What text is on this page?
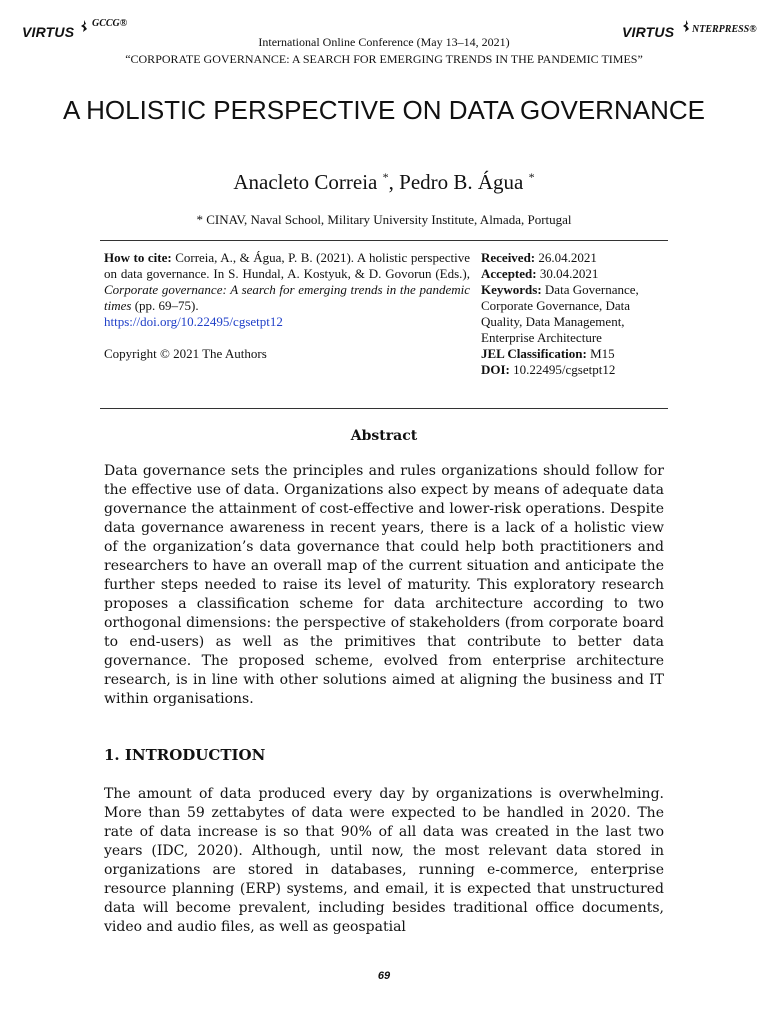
VIRTUS
GCCG®
VIRTUS NTERPRESS®
International Online Conference (May 13–14, 2021)
“CORPORATE GOVERNANCE: A SEARCH FOR EMERGING TRENDS IN THE PANDEMIC TIMES”
A HOLISTIC PERSPECTIVE ON DATA GOVERNANCE
Anacleto Correia *, Pedro B. Água *
* CINAV, Naval School, Military University Institute, Almada, Portugal
How to cite: Correia, A., & Água, P. B. (2021). A holistic perspective on data governance. In S. Hundal, A. Kostyuk, & D. Govorun (Eds.), Corporate governance: A search for emerging trends in the pandemic times (pp. 69–75).
https://doi.org/10.22495/cgsetpt12
Copyright © 2021 The Authors
Received: 26.04.2021
Accepted: 30.04.2021
Keywords: Data Governance, Corporate Governance, Data Quality, Data Management, Enterprise Architecture
JEL Classification: M15
DOI: 10.22495/cgsetpt12
Abstract
Data governance sets the principles and rules organizations should follow for the effective use of data. Organizations also expect by means of adequate data governance the attainment of cost-effective and lower-risk operations. Despite data governance awareness in recent years, there is a lack of a holistic view of the organization’s data governance that could help both practitioners and researchers to have an overall map of the current situation and anticipate the further steps needed to raise its level of maturity. This exploratory research proposes a classification scheme for data architecture according to two orthogonal dimensions: the perspective of stakeholders (from corporate board to end-users) as well as the primitives that contribute to better data governance. The proposed scheme, evolved from enterprise architecture research, is in line with other solutions aimed at aligning the business and IT within organisations.
1. INTRODUCTION
The amount of data produced every day by organizations is overwhelming. More than 59 zettabytes of data were expected to be handled in 2020. The rate of data increase is so that 90% of all data was created in the last two years (IDC, 2020). Although, until now, the most relevant data stored in organizations are stored in databases, running e-commerce, enterprise resource planning (ERP) systems, and email, it is expected that unstructured data will become prevalent, including besides traditional office documents, video and audio files, as well as geospatial
69
